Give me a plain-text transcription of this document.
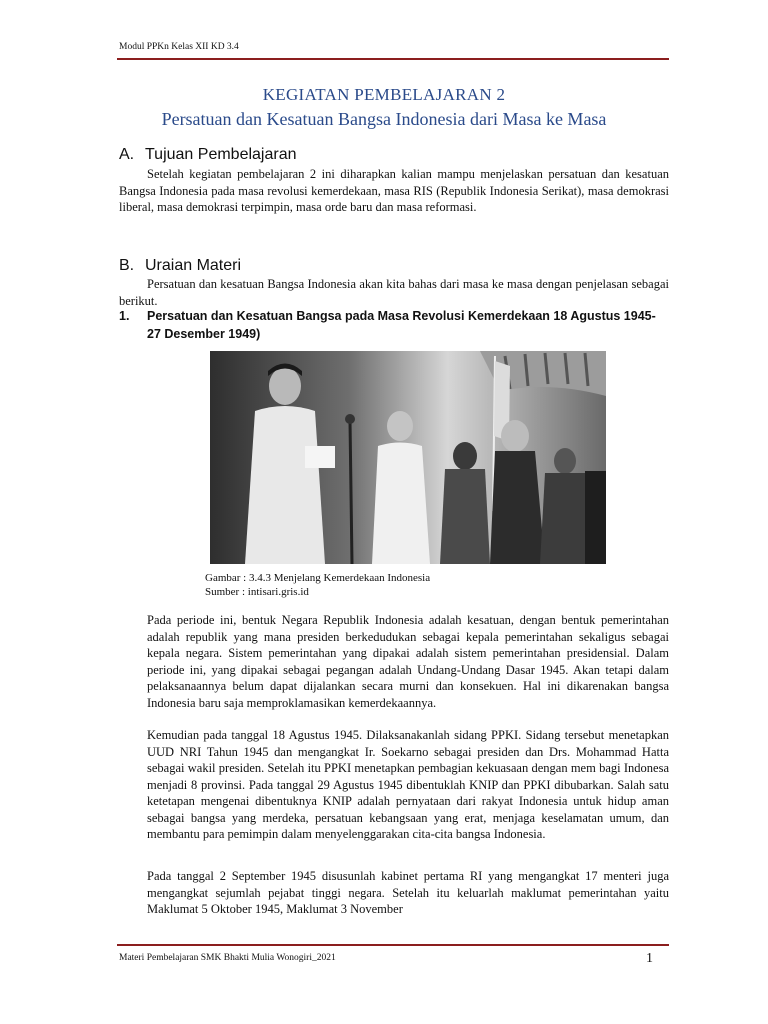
Modul PPKn Kelas XII KD 3.4
KEGIATAN PEMBELAJARAN 2
Persatuan dan Kesatuan Bangsa Indonesia dari Masa ke Masa
A. Tujuan Pembelajaran
Setelah kegiatan pembelajaran 2 ini diharapkan kalian mampu menjelaskan persatuan dan kesatuan Bangsa Indonesia pada masa revolusi kemerdekaan, masa RIS (Republik Indonesia Serikat), masa demokrasi liberal, masa demokrasi terpimpin, masa orde baru dan masa reformasi.
B. Uraian Materi
Persatuan dan kesatuan Bangsa Indonesia akan kita bahas dari masa ke masa dengan penjelasan sebagai berikut.
1. Persatuan dan Kesatuan Bangsa pada Masa Revolusi Kemerdekaan 18 Agustus 1945-27 Desember 1949)
Gambar : 3.4.3 Menjelang Kemerdekaan Indonesia
Sumber : intisari.gris.id
Pada periode ini, bentuk Negara Republik Indonesia adalah kesatuan, dengan bentuk pemerintahan adalah republik yang mana presiden berkedudukan sebagai kepala pemerintahan sekaligus sebagai kepala negara. Sistem pemerintahan yang dipakai adalah sistem pemerintahan presidensial. Dalam periode ini, yang dipakai sebagai pegangan adalah Undang-Undang Dasar 1945. Akan tetapi dalam pelaksanaannya belum dapat dijalankan secara murni dan konsekuen. Hal ini dikarenakan bangsa Indonesia baru saja memproklamasikan kemerdekaannya.
Kemudian pada tanggal 18 Agustus 1945. Dilaksanakanlah sidang PPKI. Sidang tersebut menetapkan UUD NRI Tahun 1945 dan mengangkat Ir. Soekarno sebagai presiden dan Drs. Mohammad Hatta sebagai wakil presiden. Setelah itu PPKI menetapkan pembagian kekuasaan dengan mem bagi Indonesa menjadi 8 provinsi. Pada tanggal 29 Agustus 1945 dibentuklah KNIP dan PPKI dibubarkan. Salah satu ketetapan mengenai dibentuknya KNIP adalah pernyataan dari rakyat Indonesia untuk hidup aman sebagai bangsa yang merdeka, persatuan kebangsaan yang erat, menjaga keselamatan umum, dan membantu para pemimpin dalam menyelenggarakan cita-cita bangsa Indonesia.
Pada tanggal 2 September 1945 disusunlah kabinet pertama RI yang mengangkat 17 menteri juga mengangkat sejumlah pejabat tinggi negara. Setelah itu keluarlah maklumat pemerintahan yaitu Maklumat 5 Oktober 1945, Maklumat 3 November
Materi Pembelajaran SMK Bhakti Mulia Wonogiri_2021	1
